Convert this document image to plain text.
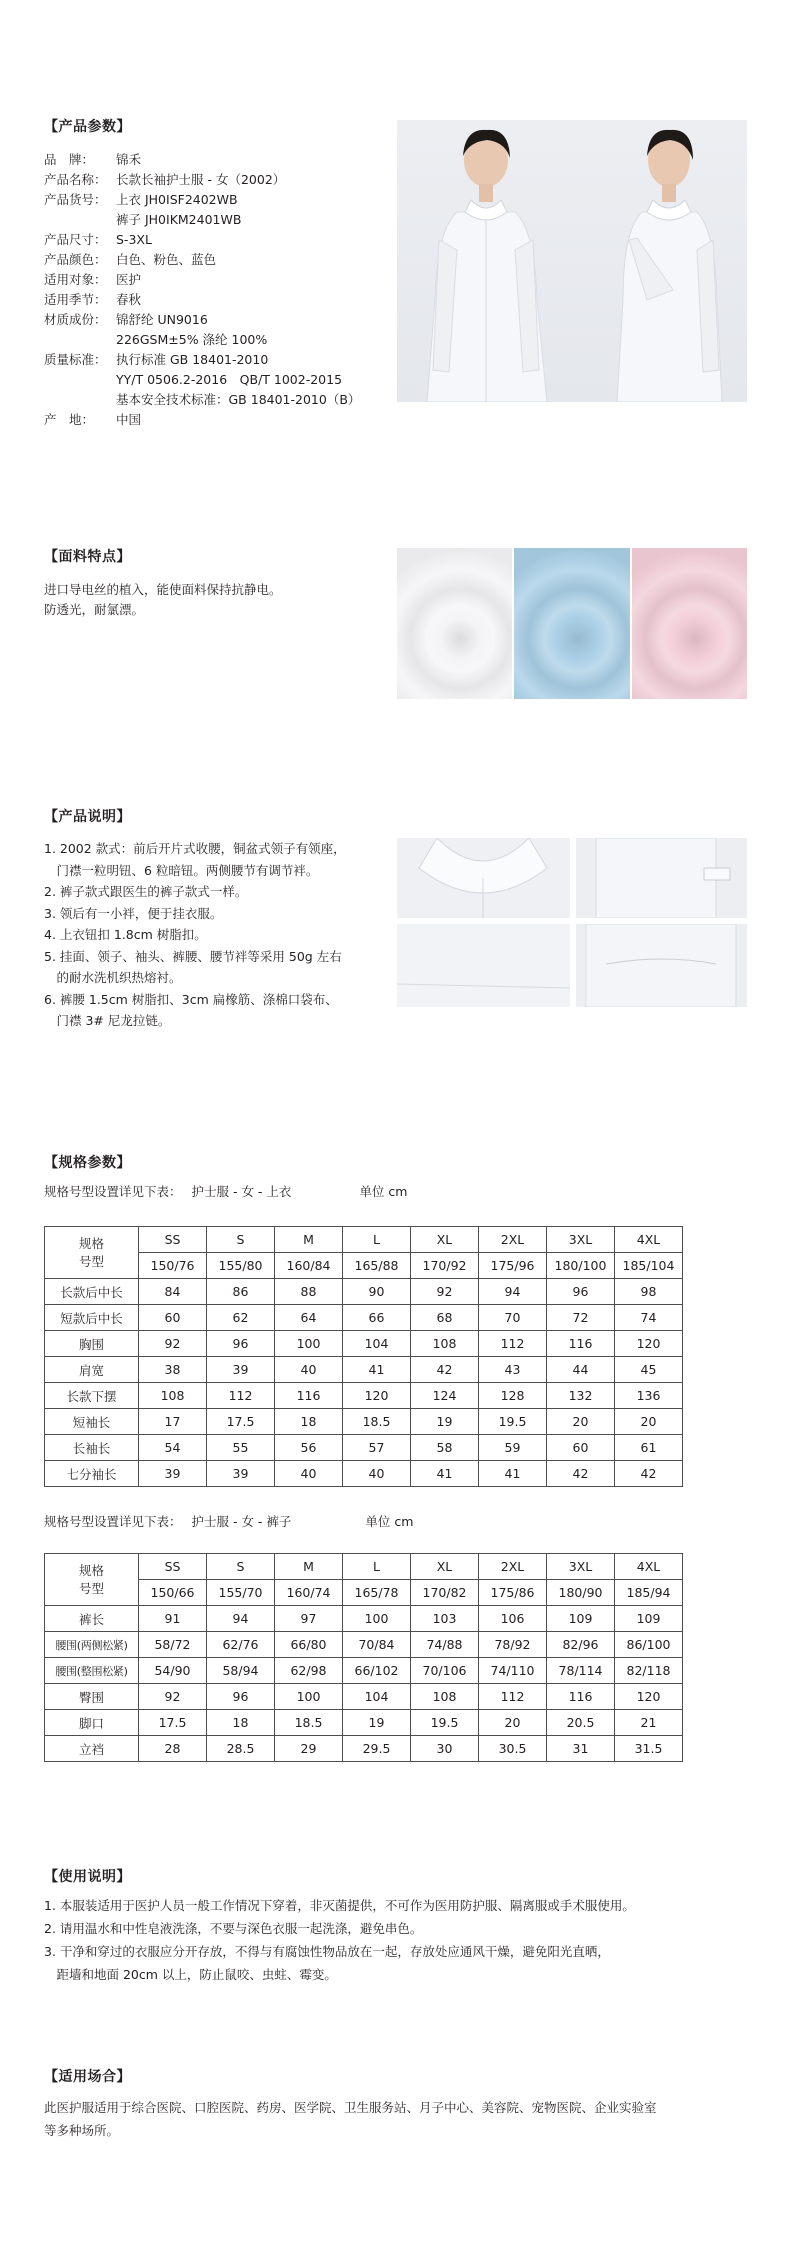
【产品参数】
品　牌：	锦禾
产品名称： 长款长袖护士服 - 女（2002）
产品货号： 上衣 JH0ISF2402WB
裤子 JH0IKM2401WB
产品尺寸： S-3XL
产品颜色： 白色、粉色、蓝色
适用对象： 医护
适用季节： 春秋
材质成份： 锦舒纶 UN9016
226GSM±5% 涤纶 100%
质量标准： 执行标准 GB 18401-2010
YY/T 0506.2-2016　QB/T 1002-2015
基本安全技术标准：GB 18401-2010（B）
产　地：	中国
【面料特点】
进口导电丝的植入，能使面料保持抗静电。
防透光，耐氯漂。
【产品说明】
1. 2002 款式：前后开片式收腰，铜盆式领子有领座，
　门襟一粒明钮、6 粒暗钮。两侧腰节有调节袢。
2. 裤子款式跟医生的裤子款式一样。
3. 领后有一小袢，便于挂衣服。
4. 上衣钮扣 1.8cm 树脂扣。
5. 挂面、领子、袖头、裤腰、腰节袢等采用 50g 左右
　的耐水洗机织热熔衬。
6. 裤腰 1.5cm 树脂扣、3cm 扁橡筋、涤棉口袋布、
　门襟 3# 尼龙拉链。
【规格参数】
规格号型设置详见下表： 护士服 - 女 - 上衣	单位 cm
规格
号型	SS	S	M	L	XL	2XL	3XL	4XL
	150/76	155/80	160/84	165/88	170/92	175/96	180/100	185/104
长款后中长	84	86	88	90	92	94	96	98
短款后中长	60	62	64	66	68	70	72	74
胸围	92	96	100	104	108	112	116	120
肩宽	38	39	40	41	42	43	44	45
长款下摆	108	112	116	120	124	128	132	136
短袖长	17	17.5	18	18.5	19	19.5	20	20
长袖长	54	55	56	57	58	59	60	61
七分袖长	39	39	40	40	41	41	42	42
规格号型设置详见下表： 护士服 - 女 - 裤子	单位 cm
规格
号型	SS	S	M	L	XL	2XL	3XL	4XL
	150/66	155/70	160/74	165/78	170/82	175/86	180/90	185/94
裤长	91	94	97	100	103	106	109	109
腰围(两侧松紧)	58/72	62/76	66/80	70/84	74/88	78/92	82/96	86/100
腰围(整围松紧)	54/90	58/94	62/98	66/102	70/106	74/110	78/114	82/118
臀围	92	96	100	104	108	112	116	120
脚口	17.5	18	18.5	19	19.5	20	20.5	21
立裆	28	28.5	29	29.5	30	30.5	31	31.5
【使用说明】
1. 本服装适用于医护人员一般工作情况下穿着，非灭菌提供，不可作为医用防护服、隔离服或手术服使用。
2. 请用温水和中性皂液洗涤，不要与深色衣服一起洗涤，避免串色。
3. 干净和穿过的衣服应分开存放，不得与有腐蚀性物品放在一起，存放处应通风干燥，避免阳光直晒，
　距墙和地面 20cm 以上，防止鼠咬、虫蛀、霉变。
【适用场合】
此医护服适用于综合医院、口腔医院、药房、医学院、卫生服务站、月子中心、美容院、宠物医院、企业实验室
等多种场所。
